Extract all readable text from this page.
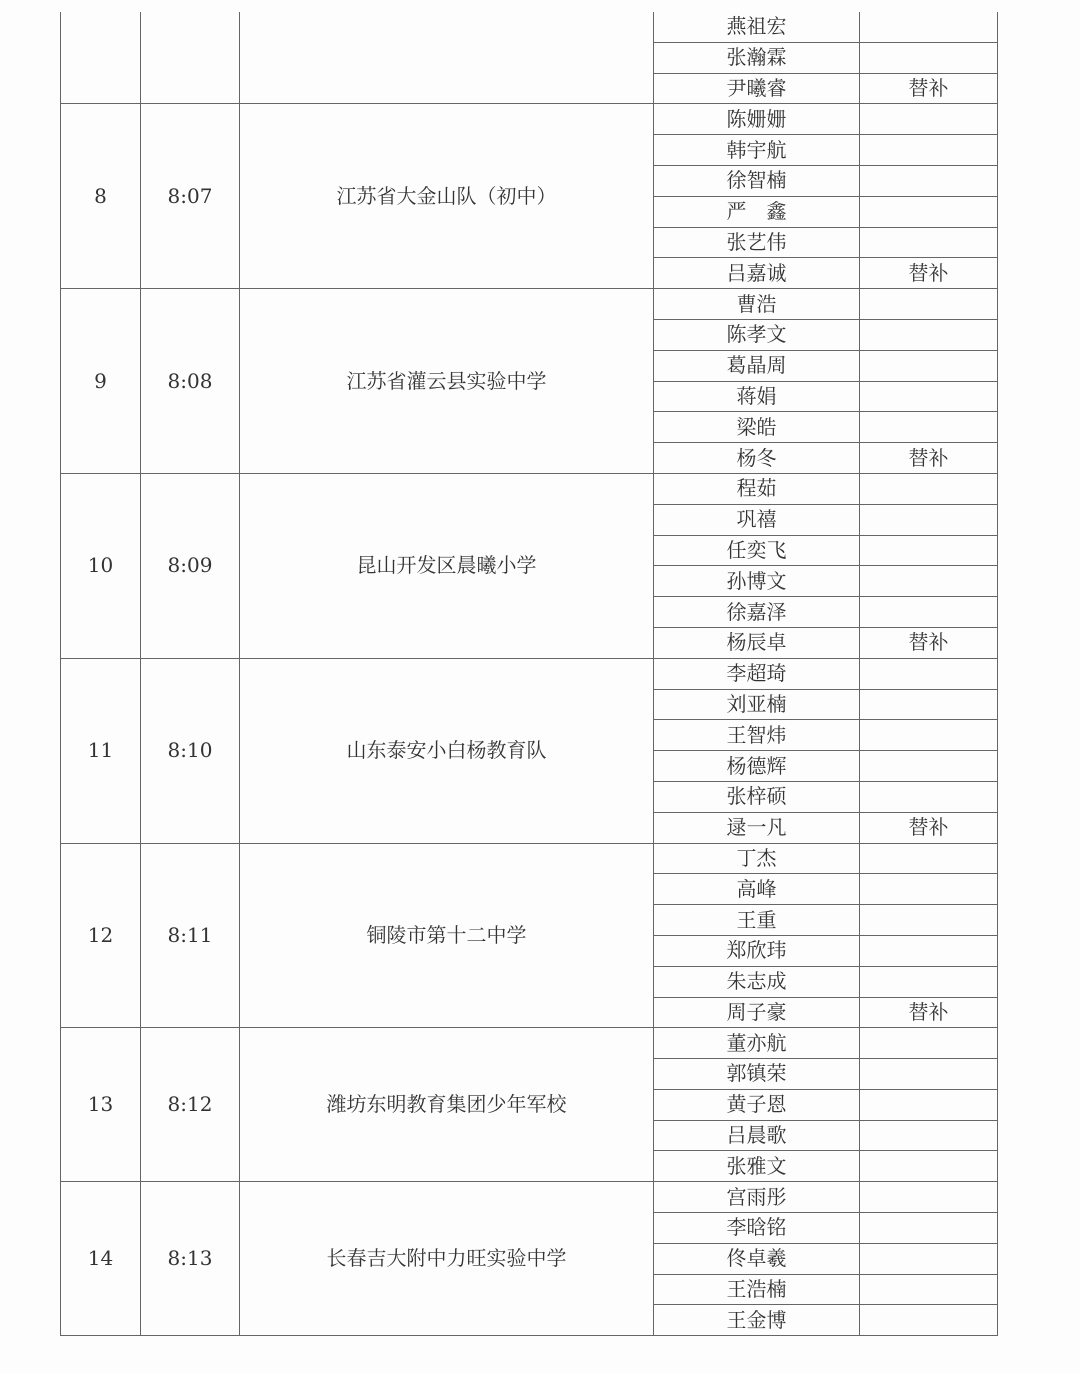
			燕祖宏	
			张瀚霖	
			尹曦睿	替补
8	8:07	江苏省大金山队（初中）	陈姗姗	
			韩宇航	
			徐智楠	
			严　鑫	
			张艺伟	
			吕嘉诚	替补
9	8:08	江苏省灌云县实验中学	曹浩	
			陈孝文	
			葛晶周	
			蒋娟	
			梁皓	
			杨冬	替补
10	8:09	昆山开发区晨曦小学	程茹	
			巩禧	
			任奕飞	
			孙博文	
			徐嘉泽	
			杨辰卓	替补
11	8:10	山东泰安小白杨教育队	李超琦	
			刘亚楠	
			王智炜	
			杨德辉	
			张梓硕	
			逯一凡	替补
12	8:11	铜陵市第十二中学	丁杰	
			高峰	
			王重	
			郑欣玮	
			朱志成	
			周子豪	替补
13	8:12	潍坊东明教育集团少年军校	董亦航	
			郭镇荣	
			黄子恩	
			吕晨歌	
			张雅文	
14	8:13	长春吉大附中力旺实验中学	宫雨彤	
			李晗铭	
			佟卓羲	
			王浩楠	
			王金博	
